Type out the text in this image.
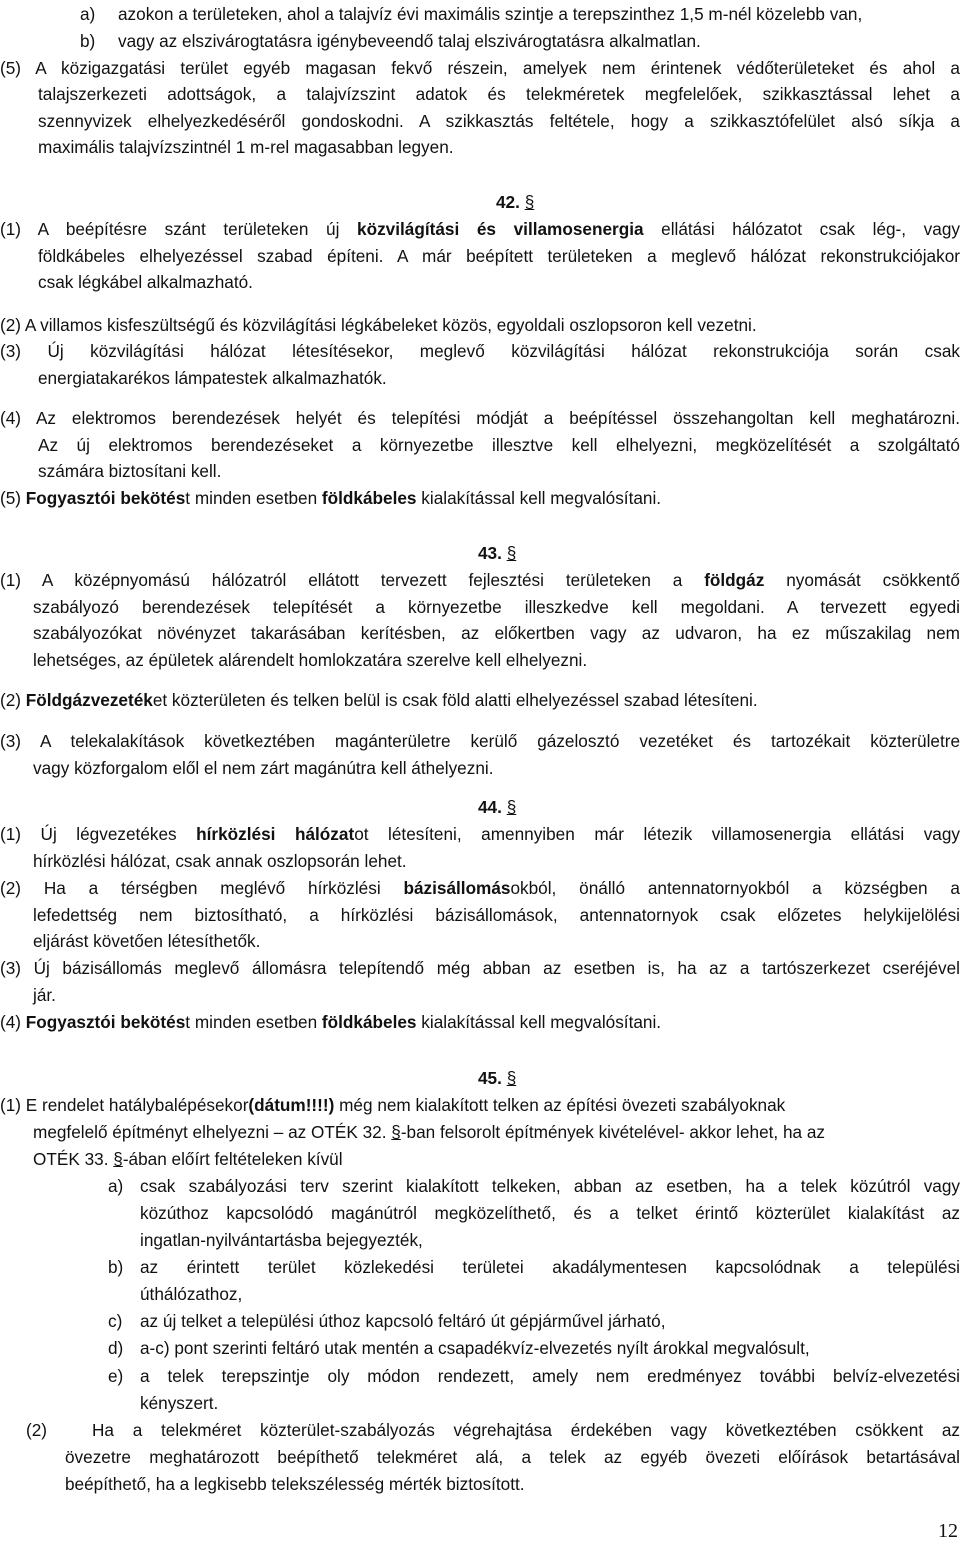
a) azokon a területeken, ahol a talajvíz évi maximális szintje a terepszinthez 1,5 m-nél közelebb van,
b) vagy az elszivárogtatásra igénybeveendő talaj elszivárogtatásra alkalmatlan.
(5) A közigazgatási terület egyéb magasan fekvő részein, amelyek nem érintenek védőterületeket és ahol a
talajszerkezeti adottságok, a talajvízszint adatok és telekméretek megfelelőek, szikkasztással lehet a
szennyvizek elhelyezkedéséről gondoskodni. A szikkasztás feltétele, hogy a szikkasztófelület alsó síkja a
maximális talajvízszintnél 1 m-rel magasabban legyen.
42. §
(1) A beépítésre szánt területeken új közvilágítási és villamosenergia ellátási hálózatot csak lég-, vagy
földkábeles elhelyezéssel szabad építeni. A már beépített területeken a meglevő hálózat rekonstrukciójakor
csak légkábel alkalmazható.
(2) A villamos kisfeszültségű és közvilágítási légkábeleket közös, egyoldali oszlopsoron kell vezetni.
(3) Új közvilágítási hálózat létesítésekor, meglevő közvilágítási hálózat rekonstrukciója során csak
energiatakarékos lámpatestek alkalmazhatók.
(4) Az elektromos berendezések helyét és telepítési módját a beépítéssel összehangoltan kell meghatározni.
Az új elektromos berendezéseket a környezetbe illesztve kell elhelyezni, megközelítését a szolgáltató
számára biztosítani kell.
(5) Fogyasztói bekötést minden esetben földkábeles kialakítással kell megvalósítani.
43. §
(1) A középnyomású hálózatról ellátott tervezett fejlesztési területeken a földgáz nyomását csökkentő
szabályozó berendezések telepítését a környezetbe illeszkedve kell megoldani. A tervezett egyedi
szabályozókat növényzet takarásában kerítésben, az előkertben vagy az udvaron, ha ez műszakilag nem
lehetséges, az épületek alárendelt homlokzatára szerelve kell elhelyezni.
(2) Földgázvezetéket közterületen és telken belül is csak föld alatti elhelyezéssel szabad létesíteni.
(3) A telekalakítások következtében magánterületre kerülő gázelosztó vezetéket és tartozékait közterületre
vagy közforgalom elől el nem zárt magánútra kell áthelyezni.
44. §
(1) Új légvezetékes hírközlési hálózatot létesíteni, amennyiben már létezik villamosenergia ellátási vagy
hírközlési hálózat, csak annak oszlopsorán lehet.
(2) Ha a térségben meglévő hírközlési bázisállomásokból, önálló antennatornyokból a községben a
lefedettség nem biztosítható, a hírközlési bázisállomások, antennatornyok csak előzetes helykijelölési
eljárást követően létesíthetők.
(3) Új bázisállomás meglevő állomásra telepítendő még abban az esetben is, ha az a tartószerkezet cseréjével
jár.
(4) Fogyasztói bekötést minden esetben földkábeles kialakítással kell megvalósítani.
45. §
(1) E rendelet hatálybalépésekor(dátum!!!!) még nem kialakított telken az építési övezeti szabályoknak
megfelelő építményt elhelyezni – az OTÉK 32. §-ban felsorolt építmények kivételével- akkor lehet, ha az
OTÉK 33. §-ában előírt feltételeken kívül
a) csak szabályozási terv szerint kialakított telkeken, abban az esetben, ha a telek közútról vagy
közúthoz kapcsolódó magánútról megközelíthető, és a telket érintő közterület kialakítást az
ingatlan-nyilvántartásba bejegyezték,
b) az érintett terület közlekedési területei akadálymentesen kapcsolódnak a települési
úthálózathoz,
c) az új telket a települési úthoz kapcsoló feltáró út gépjárművel járható,
d) a-c) pont szerinti feltáró utak mentén a csapadékvíz-elvezetés nyílt árokkal megvalósult,
e) a telek terepszintje oly módon rendezett, amely nem eredményez további belvíz-elvezetési
kényszert.
(2)	Ha a telekméret közterület-szabályozás végrehajtása érdekében vagy következtében csökkent az
övezetre meghatározott beépíthető telekméret alá, a telek az egyéb övezeti előírások betartásával
beépíthető, ha a legkisebb telekszélesség mérték biztosított.
12
